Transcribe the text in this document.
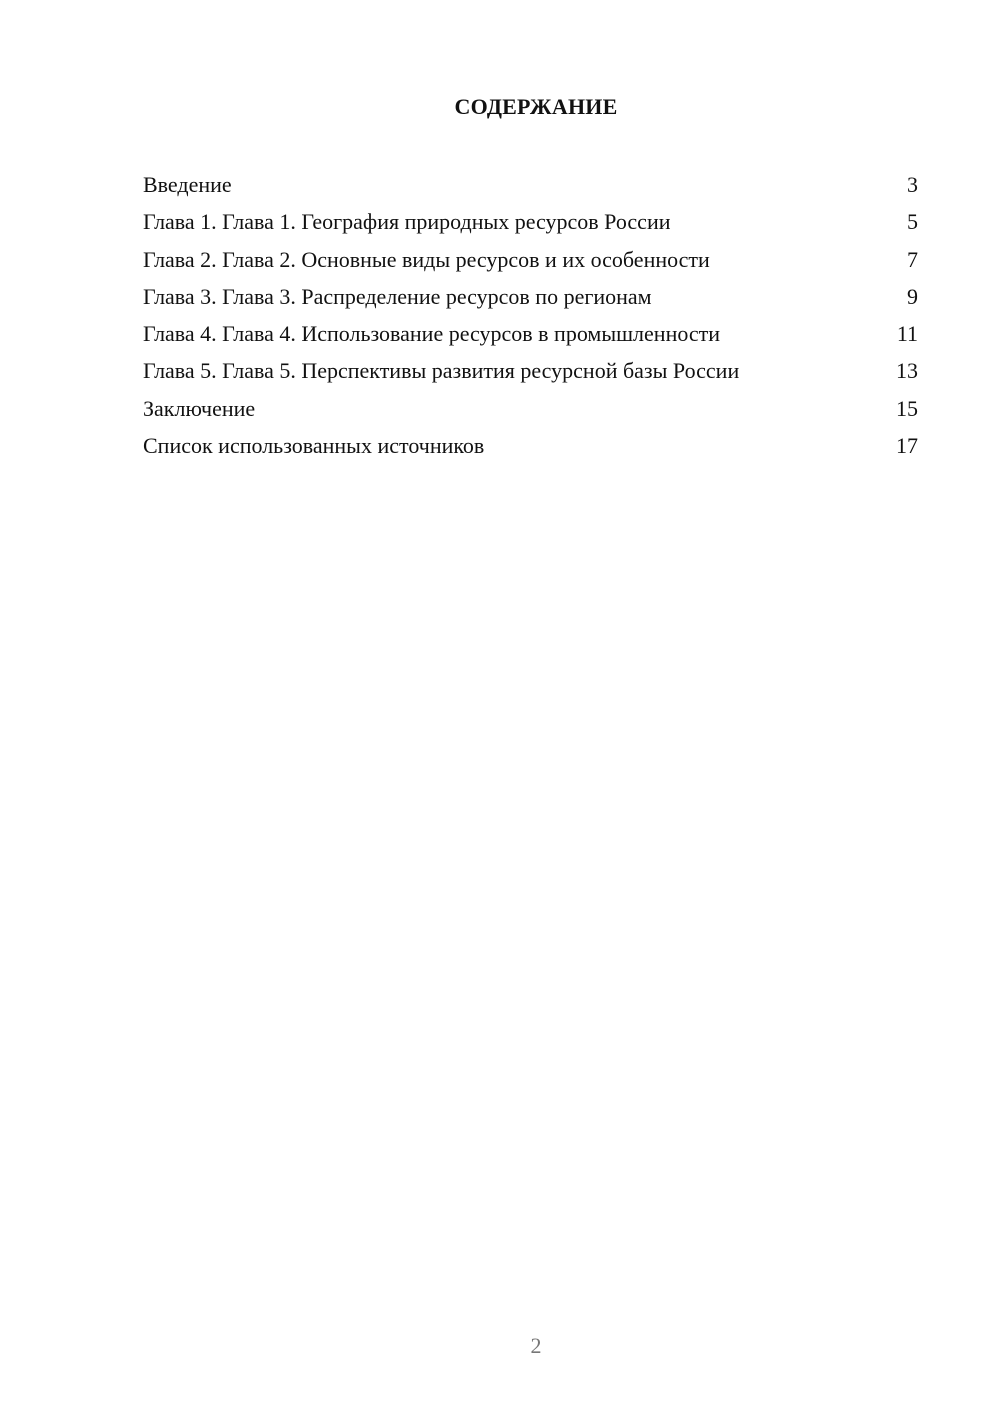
СОДЕРЖАНИЕ
Введение	3
Глава 1. Глава 1. География природных ресурсов России	5
Глава 2. Глава 2. Основные виды ресурсов и их особенности	7
Глава 3. Глава 3. Распределение ресурсов по регионам	9
Глава 4. Глава 4. Использование ресурсов в промышленности	11
Глава 5. Глава 5. Перспективы развития ресурсной базы России	13
Заключение	15
Список использованных источников	17
2
